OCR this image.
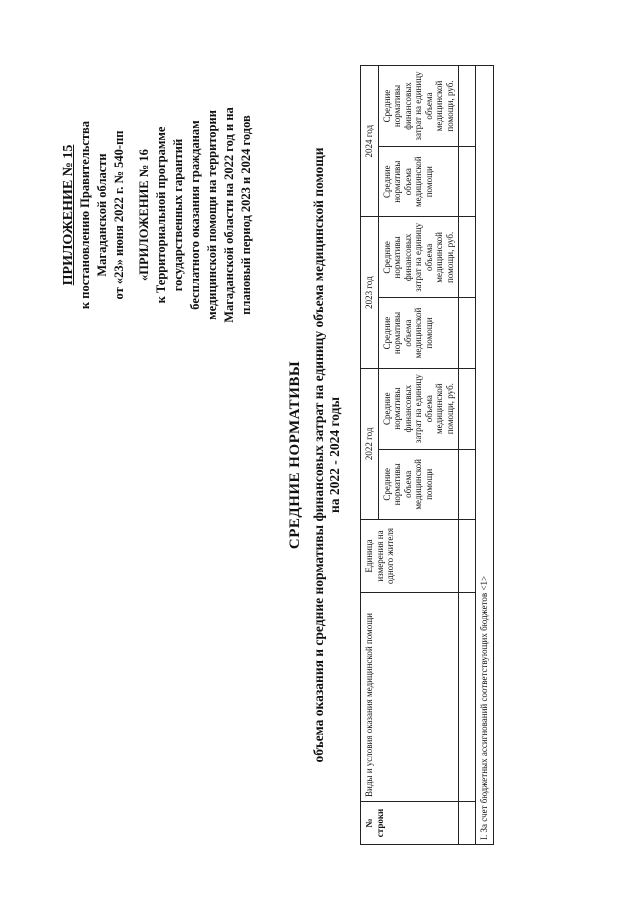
ПРИЛОЖЕНИЕ № 15 к постановлению Правительства Магаданской области от «23» июня 2022 г. № 540-пп «ПРИЛОЖЕНИЕ № 16 к Территориальной программе государственных гарантий бесплатного оказания гражданам медицинской помощи на территории Магаданской области на 2022 год и на плановый период 2023 и 2024 годов
СРЕДНИЕ НОРМАТИВЫ объема оказания и средние нормативы финансовых затрат на единицу объема медицинской помощи на 2022 - 2024 годы
№ строки	Виды и условия оказания медицинской помощи	Единица измерения на одного жителя	2022 год		2023 год		2024 год	
			Средние нормативы объема медицинской помощи	Средние нормативы финансовых затрат на единицу объема медицинской помощи, руб.	Средние нормативы объема медицинской помощи	Средние нормативы финансовых затрат на единицу объема медицинской помощи, руб.	Средние нормативы объема медицинской помощи	Средние нормативы финансовых затрат на единицу объема медицинской помощи, руб.

I. За счет бюджетных ассигнований соответствующих бюджетов <1>								
